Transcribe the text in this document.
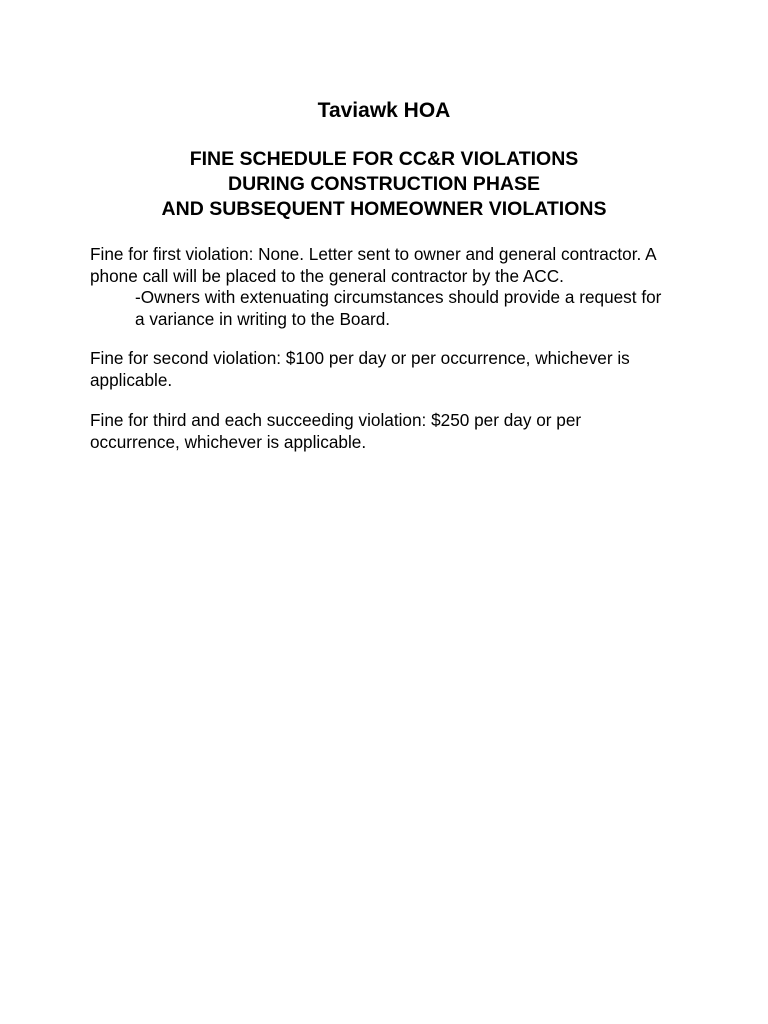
Taviawk HOA
FINE SCHEDULE FOR CC&R VIOLATIONS
DURING CONSTRUCTION PHASE
AND SUBSEQUENT HOMEOWNER VIOLATIONS
Fine for first violation: None. Letter sent to owner and general contractor. A
phone call will be placed to the general contractor by the ACC.
-Owners with extenuating circumstances should provide a request for
a variance in writing to the Board.
Fine for second violation: $100 per day or per occurrence, whichever is
applicable.
Fine for third and each succeeding violation: $250 per day or per
occurrence, whichever is applicable.
